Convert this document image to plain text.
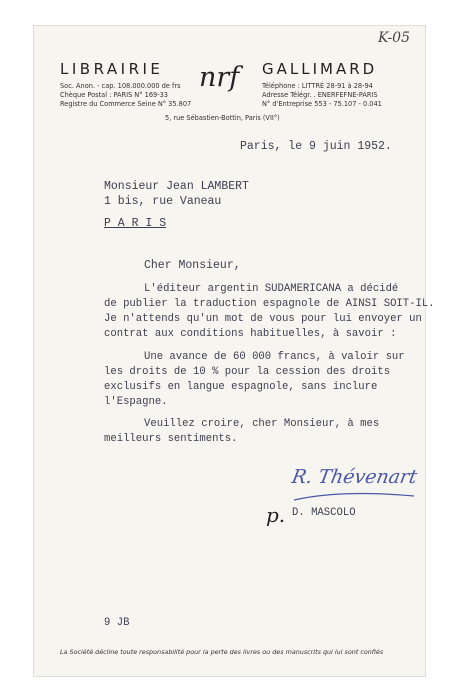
K-05
LIBRAIRIE nrf GALLIMARD
Soc. Anon. - cap. 108.000.000 de frs
Chèque Postal : PARIS N° 169-33
Registre du Commerce Seine N° 35.807
Téléphone : LITTRÉ 28-91 à 28-94
Adresse Télégr. . ENERFEFNE-PARIS
N° d'Entreprise 553 - 75.107 - 0.041
5, rue Sébastien-Bottin, Paris (VII°)
Paris, le 9 juin 1952.
Monsieur Jean LAMBERT
1 bis, rue Vaneau
P A R I S
Cher Monsieur,
L'éditeur argentin SUDAMERICANA a décidé
de publier la traduction espagnole de AINSI SOIT-IL.
Je n'attends qu'un mot de vous pour lui envoyer un
contrat aux conditions habituelles, à savoir :
Une avance de 60 000 francs, à valoir sur
les droits de 10 % pour la cession des droits
exclusifs en langue espagnole, sans inclure
l'Espagne.
Veuillez croire, cher Monsieur, à mes
meilleurs sentiments.
R. Thévenart
p. D. MASCOLO
9 JB
La Société décline toute responsabilité pour la perte des livres ou des manuscrits qui lui sont confiés
